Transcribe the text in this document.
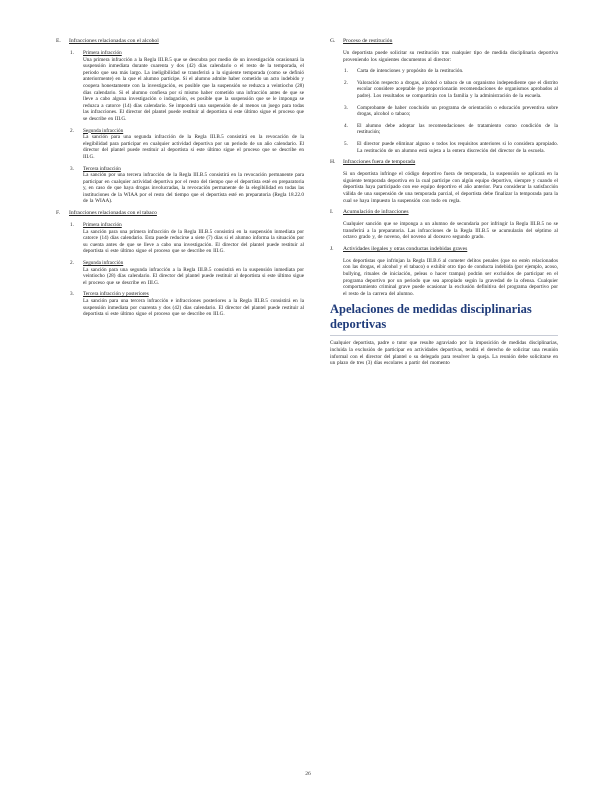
E.	Infracciones relacionadas con el alcohol
1.	Primera infracción

Una primera infracción a la Regla III.B.5 que se descubra por medio de un investigación ocasionará la suspensión inmediata durante cuarenta y dos (42) días calendario o el resto de la temporada, el periodo que sea más largo. La ineligibilidad se transferirá a la siguiente temporada (como se definió anteriormente) en la que el alumno participe. Si el alumno admite haber cometido un acto indebido y coopera honestamente con la investigación, es posible que la suspensión se reduzca a veintiocho (28) días calendario. Si el alumno confiesa por sí mismo haber cometido una infracción antes de que se lleve a cabo alguna investigación o indagación, es posible que la suspensión que se le imponga se reduzca a catorce (14) días calendario. Se impondrá una suspensión de al menos un juego para todas las infracciones. El director del plantel puede restituir al deportista si este último sigue el proceso que se describe en III.G.

2.	Segunda infracción

La sanción para una segunda infracción de la Regla III.B.5 consistirá en la revocación de la elegibilidad para participar en cualquier actividad deportiva por un periodo de un año calendario. El director del plantel puede restituir al deportista si este último sigue el proceso que se describe en III.G.

3.	Tercera infracción

La sanción por una tercera infracción de la Regla III.B.5 consistirá en la revocación permanente para participar en cualquier actividad deportiva por el resto del tiempo que el deportista esté en preparatoria y, en caso de que haya drogas involucradas, la revocación permanente de la elegibilidad en todas las instituciones de la WIAA por el resto del tiempo que el deportista esté en preparatoria (Regla 18.22.0 de la WIAA).

F.	Infracciones relacionadas con el tabaco
1.	Primera infracción

La sanción para una primera infracción de la Regla III.B.5 consistirá en la suspensión inmediata por catorce (14) días calendario. Esta puede reducirse a siete (7) días si el alumno informa la situación por su cuenta antes de que se lleve a cabo una investigación. El director del plantel puede restituir al deportista si este último sigue el proceso que se describe en III.G.

2.	Segunda infracción

La sanción para una segunda infracción a la Regla III.B.5 consistirá en la suspensión inmediata por veintiocho (28) días calendario. El director del plantel puede restituir al deportista si este último sigue el proceso que se describe en III.G.

3.	Tercera infracción y posteriores

La sanción para una tercera infracción e infracciones posteriores a la Regla III.B.5 consistirá en la suspensión inmediata por cuarenta y dos (42) días calendario. El director del plantel puede restituir al deportista si este último sigue el proceso que se describe en III.G.

G.	Proceso de restitución

Un deportista puede solicitar su restitución tras cualquier tipo de medida disciplinaria deportiva proveniendo los siguientes documentos al director:

1.	Carta de intenciones y propósito de la restitución.

2.	Valoración respecto a drogas, alcohol o tabaco de un organismo independiente que el distrito escolar considere aceptable (se proporcionarán recomendaciones de organismos aprobados al padre). Los resultados se compartirán con la familia y la administración de la escuela.

3.	Comprobante de haber concluido un programa de orientación o educación preventiva sobre drogas, alcohol o tabaco;

4.	El alumno debe adoptar las recomendaciones de tratamiento como condición de la restitución;

5.	El director puede eliminar alguno o todos los requisitos anteriores si lo considera apropiado. La restitución de un alumno está sujeta a la entera discreción del director de la escuela.

H.	Infracciones fuera de temporada

Si un deportista infringe el código deportivo fuera de temporada, la suspensión se aplicará en la siguiente temporada deportiva en la cual participe con algún equipo deportivo, siempre y cuando el deportista haya participado con ese equipo deportivo el año anterior. Para considerar la satisfacción válida de una suspensión de una temporada parcial, el deportista debe finalizar la temporada para la cual se haya impuesto la suspensión con todo en regla.

I.	Acumulación de infracciones

Cualquier sanción que se imponga a un alumno de secundaria por infringir la Regla III.B.5 no se transferirá a la preparatoria. Las infracciones de la Regla III.B.5 se acumularán del séptimo al octavo grado y, de noveno, del noveno al doceavo segundo grado.

J.	Actividades ilegales y otras conductas indebidas graves

Los deportistas que infrinjan la Regla III.B.6 al cometer delitos penales (que no estén relacionados con las drogas, el alcohol y el tabaco) o exhibir otro tipo de conducta indebida (por ejemplo, acoso, bullying, rituales de iniciación, peleas o hacer trampa) podrán ser excluidos de participar en el programa deportivo por un periodo que sea apropiado según la gravedad de la ofensa. Cualquier comportamiento criminal grave puede ocasionar la exclusión definitiva del programa deportivo por el resto de la carrera del alumno.

Apelaciones de medidas disciplinarias deportivas

Cualquier deportista, padre o tutor que resulte agraviado por la imposición de medidas disciplinarias, incluida la exclusión de participar en actividades deportivas, tendrá el derecho de solicitar una reunión informal con el director del plantel o su delegado para resolver la queja. La reunión debe solicitarse en un plazo de tres (3) días escolares a partir del momento

26
